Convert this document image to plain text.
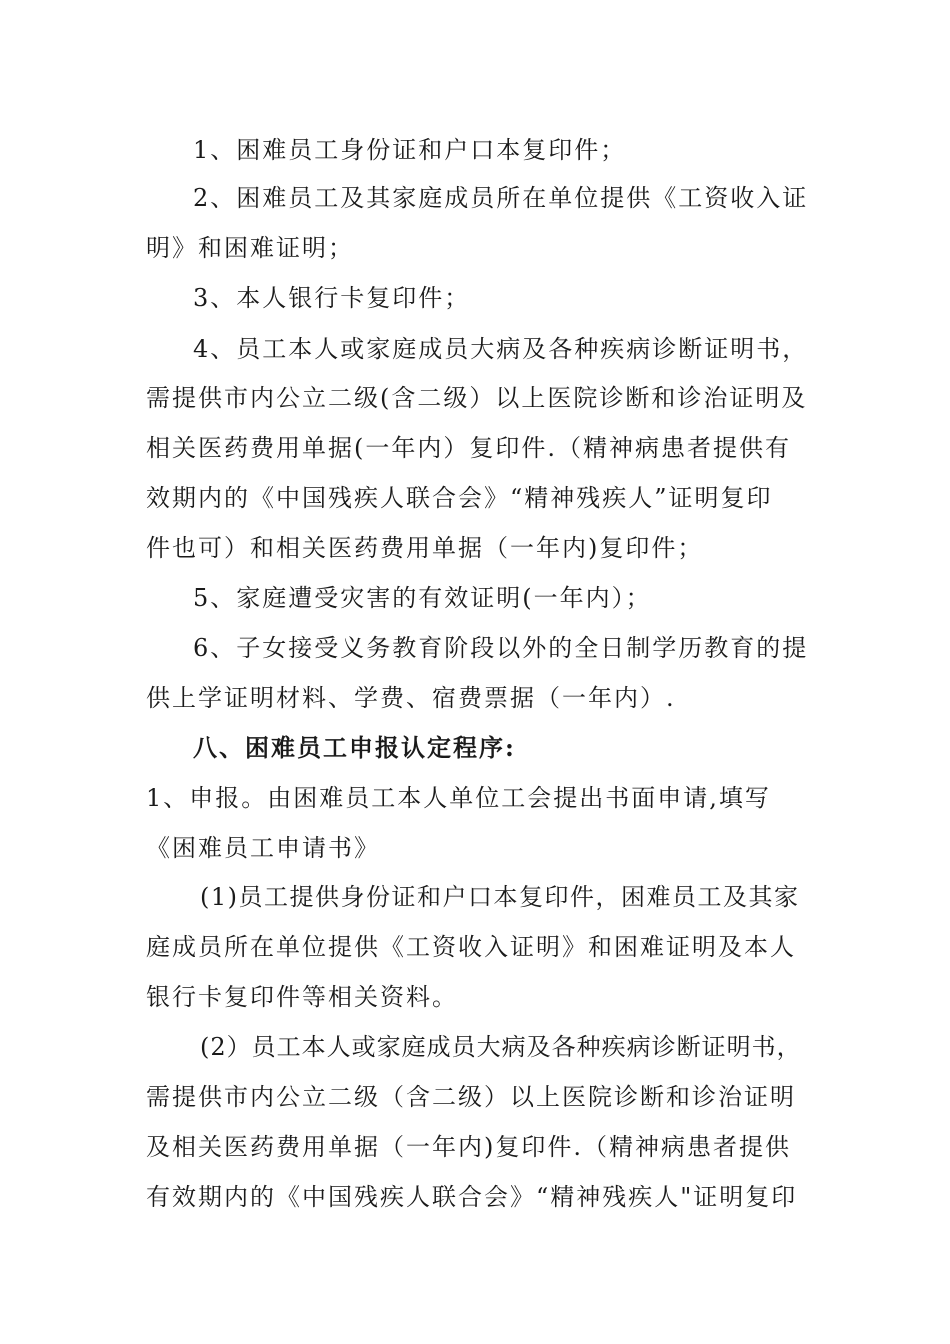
1、困难员工身份证和户口本复印件；
2、困难员工及其家庭成员所在单位提供《工资收入证
明》和困难证明；
3、本人银行卡复印件；
4、员工本人或家庭成员大病及各种疾病诊断证明书，
需提供市内公立二级(含二级）以上医院诊断和诊治证明及
相关医药费用单据(一年内）复印件.（精神病患者提供有
效期内的《中国残疾人联合会》“精神残疾人”证明复印
件也可）和相关医药费用单据（一年内)复印件；
5、家庭遭受灾害的有效证明(一年内）；
6、子女接受义务教育阶段以外的全日制学历教育的提
供上学证明材料、学费、宿费票据（一年内）.
八、困难员工申报认定程序:
1、申报。由困难员工本人单位工会提出书面申请,填写
《困难员工申请书》
(1)员工提供身份证和户口本复印件，困难员工及其家
庭成员所在单位提供《工资收入证明》和困难证明及本人
银行卡复印件等相关资料。
(2）员工本人或家庭成员大病及各种疾病诊断证明书，
需提供市内公立二级（含二级）以上医院诊断和诊治证明
及相关医药费用单据（一年内)复印件.（精神病患者提供
有效期内的《中国残疾人联合会》“精神残疾人"证明复印
